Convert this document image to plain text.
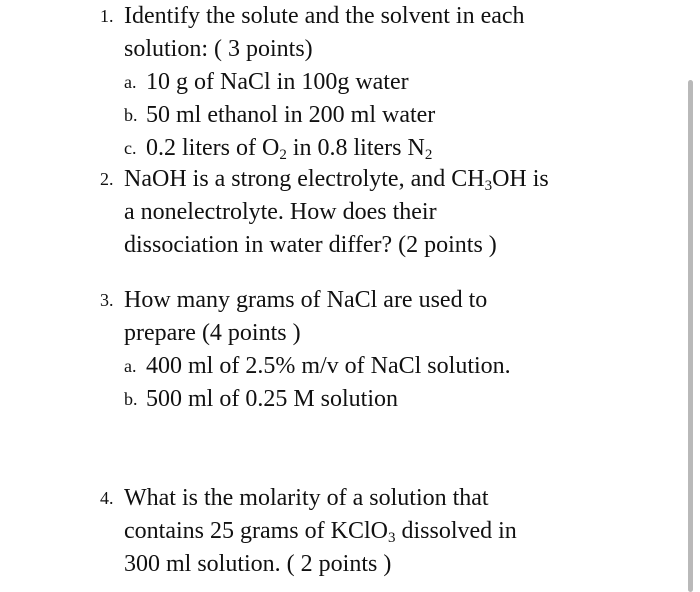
1. Identify the solute and the solvent in each
solution: ( 3 points)
a. 10 g of NaCl in 100g water
b. 50 ml ethanol in 200 ml water
c. 0.2 liters of $O_2$ in 0.8 liters $N_2$
2. NaOH is a strong electrolyte, and $CH_3OH$ is
a nonelectrolyte. How does their
dissociation in water differ? (2 points )
3. How many grams of NaCl are used to
prepare (4 points )
a. 400 ml of 2.5% m/v of NaCl solution.
b. 500 ml of 0.25 M solution
4. What is the molarity of a solution that
contains 25 grams of KClO$_3$ dissolved in
300 ml solution. ( 2 points )
